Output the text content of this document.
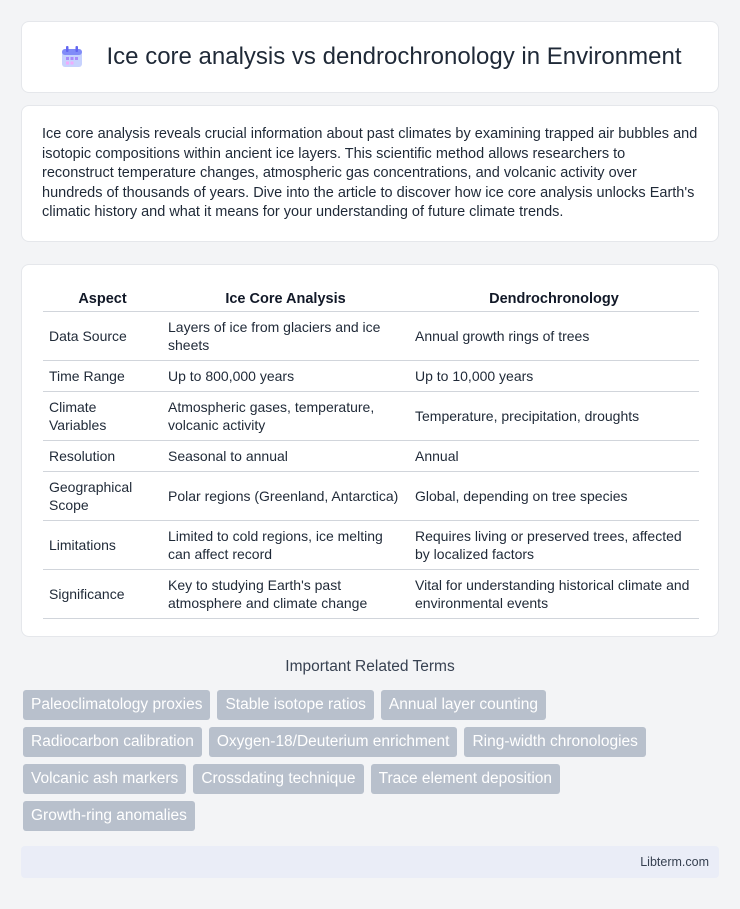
Ice core analysis vs dendrochronology in Environment

Ice core analysis reveals crucial information about past climates by examining trapped air bubbles and isotopic compositions within ancient ice layers. This scientific method allows researchers to reconstruct temperature changes, atmospheric gas concentrations, and volcanic activity over hundreds of thousands of years. Dive into the article to discover how ice core analysis unlocks Earth's climatic history and what it means for your understanding of future climate trends.

Aspect	Ice Core Analysis	Dendrochronology
Data Source	Layers of ice from glaciers and ice sheets	Annual growth rings of trees
Time Range	Up to 800,000 years	Up to 10,000 years
Climate Variables	Atmospheric gases, temperature, volcanic activity	Temperature, precipitation, droughts
Resolution	Seasonal to annual	Annual
Geographical Scope	Polar regions (Greenland, Antarctica)	Global, depending on tree species
Limitations	Limited to cold regions, ice melting can affect record	Requires living or preserved trees, affected by localized factors
Significance	Key to studying Earth's past atmosphere and climate change	Vital for understanding historical climate and environmental events
Important Related Terms
Paleoclimatology proxies	Stable isotope ratios	Annual layer counting
Radiocarbon calibration	Oxygen-18/Deuterium enrichment	Ring-width chronologies
Volcanic ash markers	Crossdating technique	Trace element deposition
Growth-ring anomalies
Libterm.com
